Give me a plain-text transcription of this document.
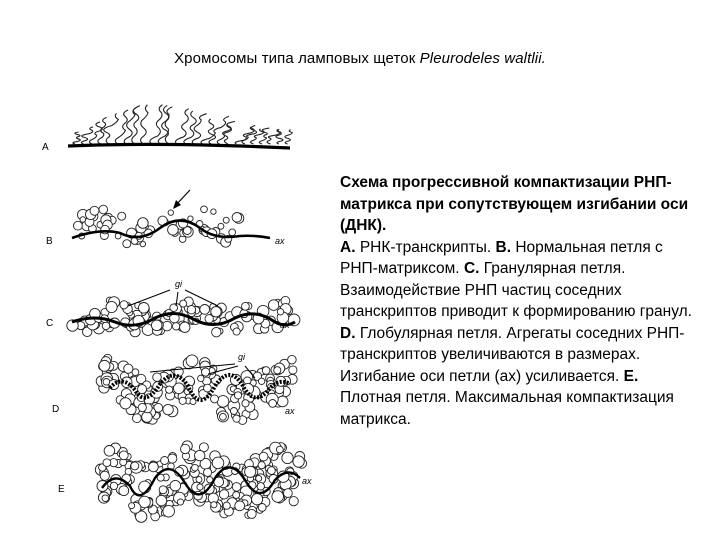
Хромосомы типа ламповых щеток Pleurodeles waltlii.
A
B	ax
C
gi
ax
D
gi
ax
E
ax
Схема прогрессивной компактизации РНП-матрикса при сопутствующем изгибании оси (ДНК).
A. РНК-транскрипты. B. Нормальная петля с РНП-матриксом. C. Гранулярная петля. Взаимодействие РНП частиц соседних транскриптов приводит к формированию гранул. D. Глобулярная петля. Агрегаты соседних РНП-транскриптов увеличиваются в размерах. Изгибание оси петли (ax) усиливается. E. Плотная петля. Максимальная компактизация матрикса.
